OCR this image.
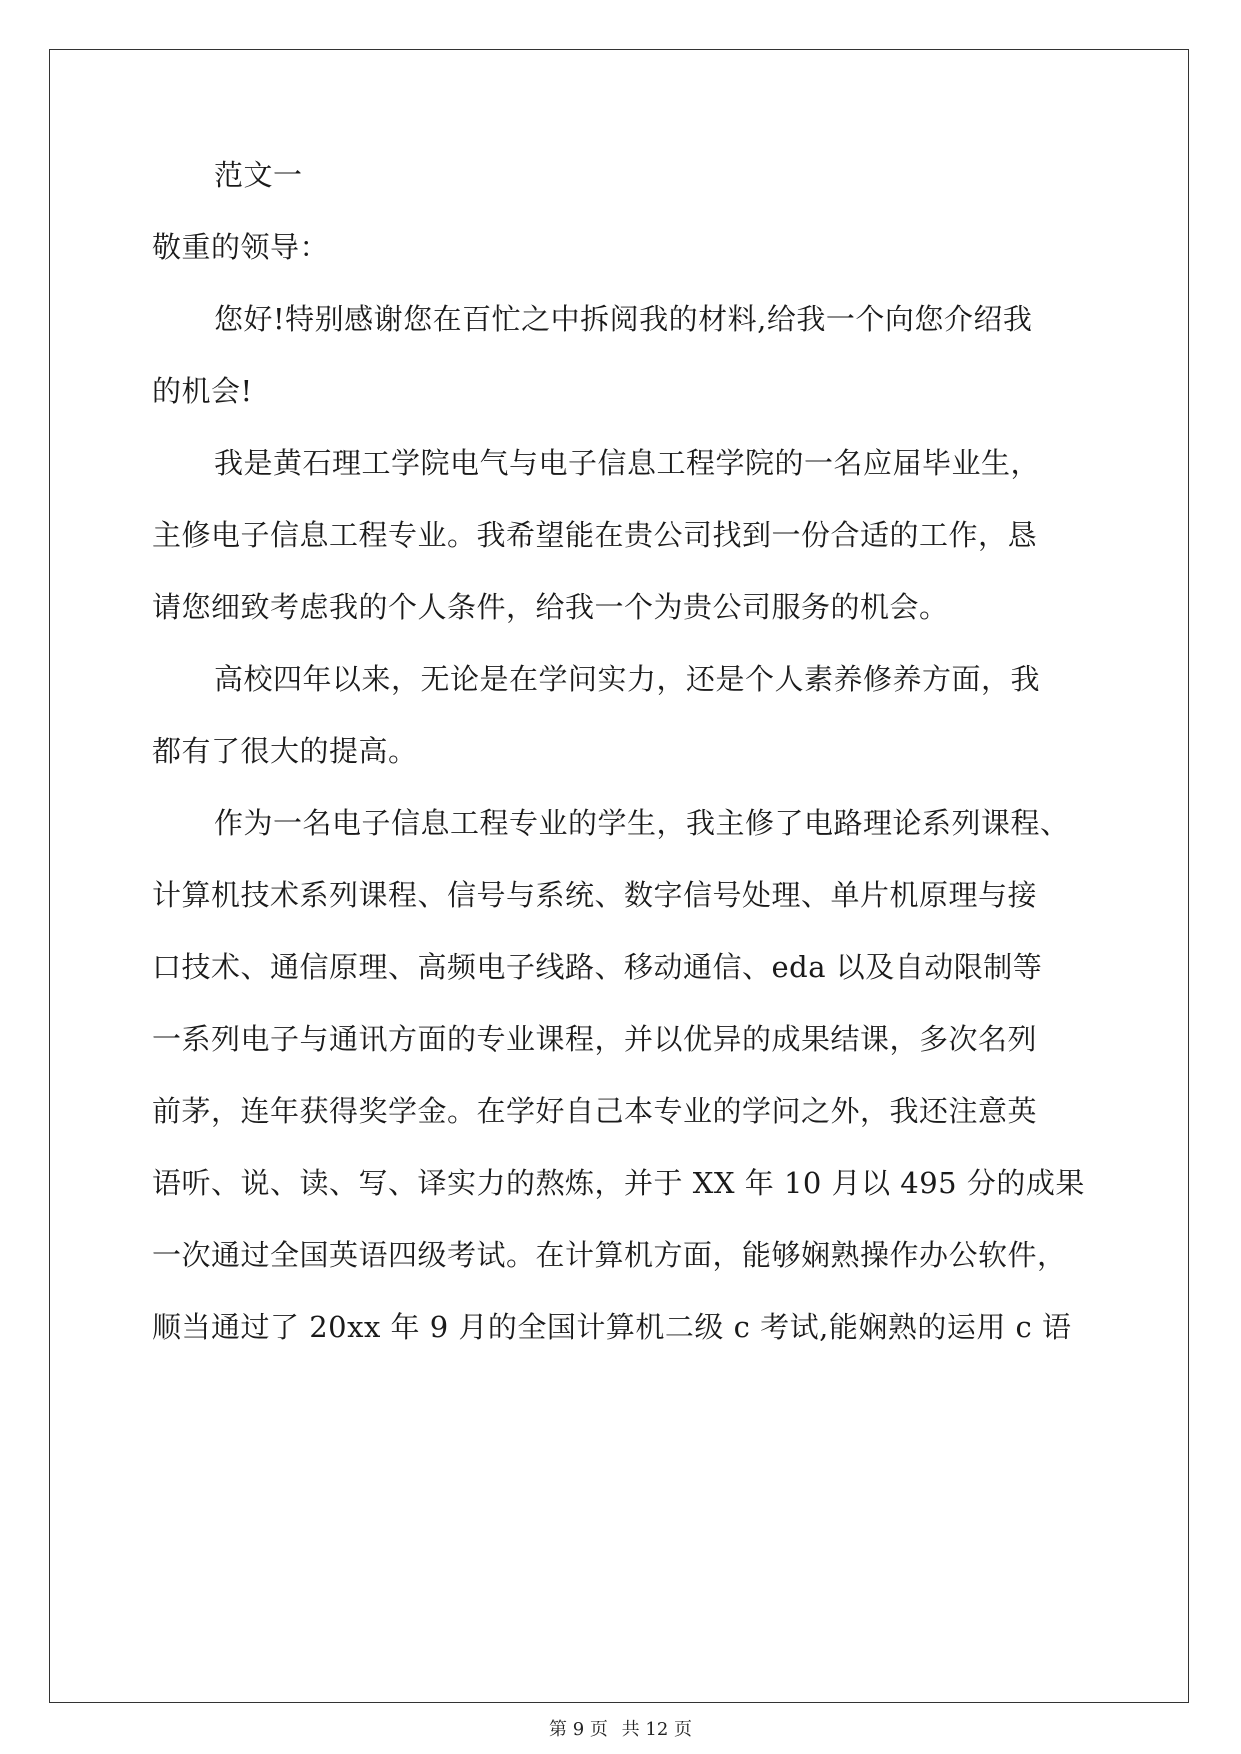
范文一
敬重的领导：
您好!特别感谢您在百忙之中拆阅我的材料,给我一个向您介绍我
的机会!
我是黄石理工学院电气与电子信息工程学院的一名应届毕业生，
主修电子信息工程专业。我希望能在贵公司找到一份合适的工作，恳
请您细致考虑我的个人条件，给我一个为贵公司服务的机会。
高校四年以来，无论是在学问实力，还是个人素养修养方面，我
都有了很大的提高。
作为一名电子信息工程专业的学生，我主修了电路理论系列课程、
计算机技术系列课程、信号与系统、数字信号处理、单片机原理与接
口技术、通信原理、高频电子线路、移动通信、eda 以及自动限制等
一系列电子与通讯方面的专业课程，并以优异的成果结课，多次名列
前茅，连年获得奖学金。在学好自己本专业的学问之外，我还注意英
语听、说、读、写、译实力的熬炼，并于 XX 年 10 月以 495 分的成果
一次通过全国英语四级考试。在计算机方面，能够娴熟操作办公软件，
顺当通过了 20xx 年 9 月的全国计算机二级 c 考试,能娴熟的运用 c 语
第 9 页 共 12 页
